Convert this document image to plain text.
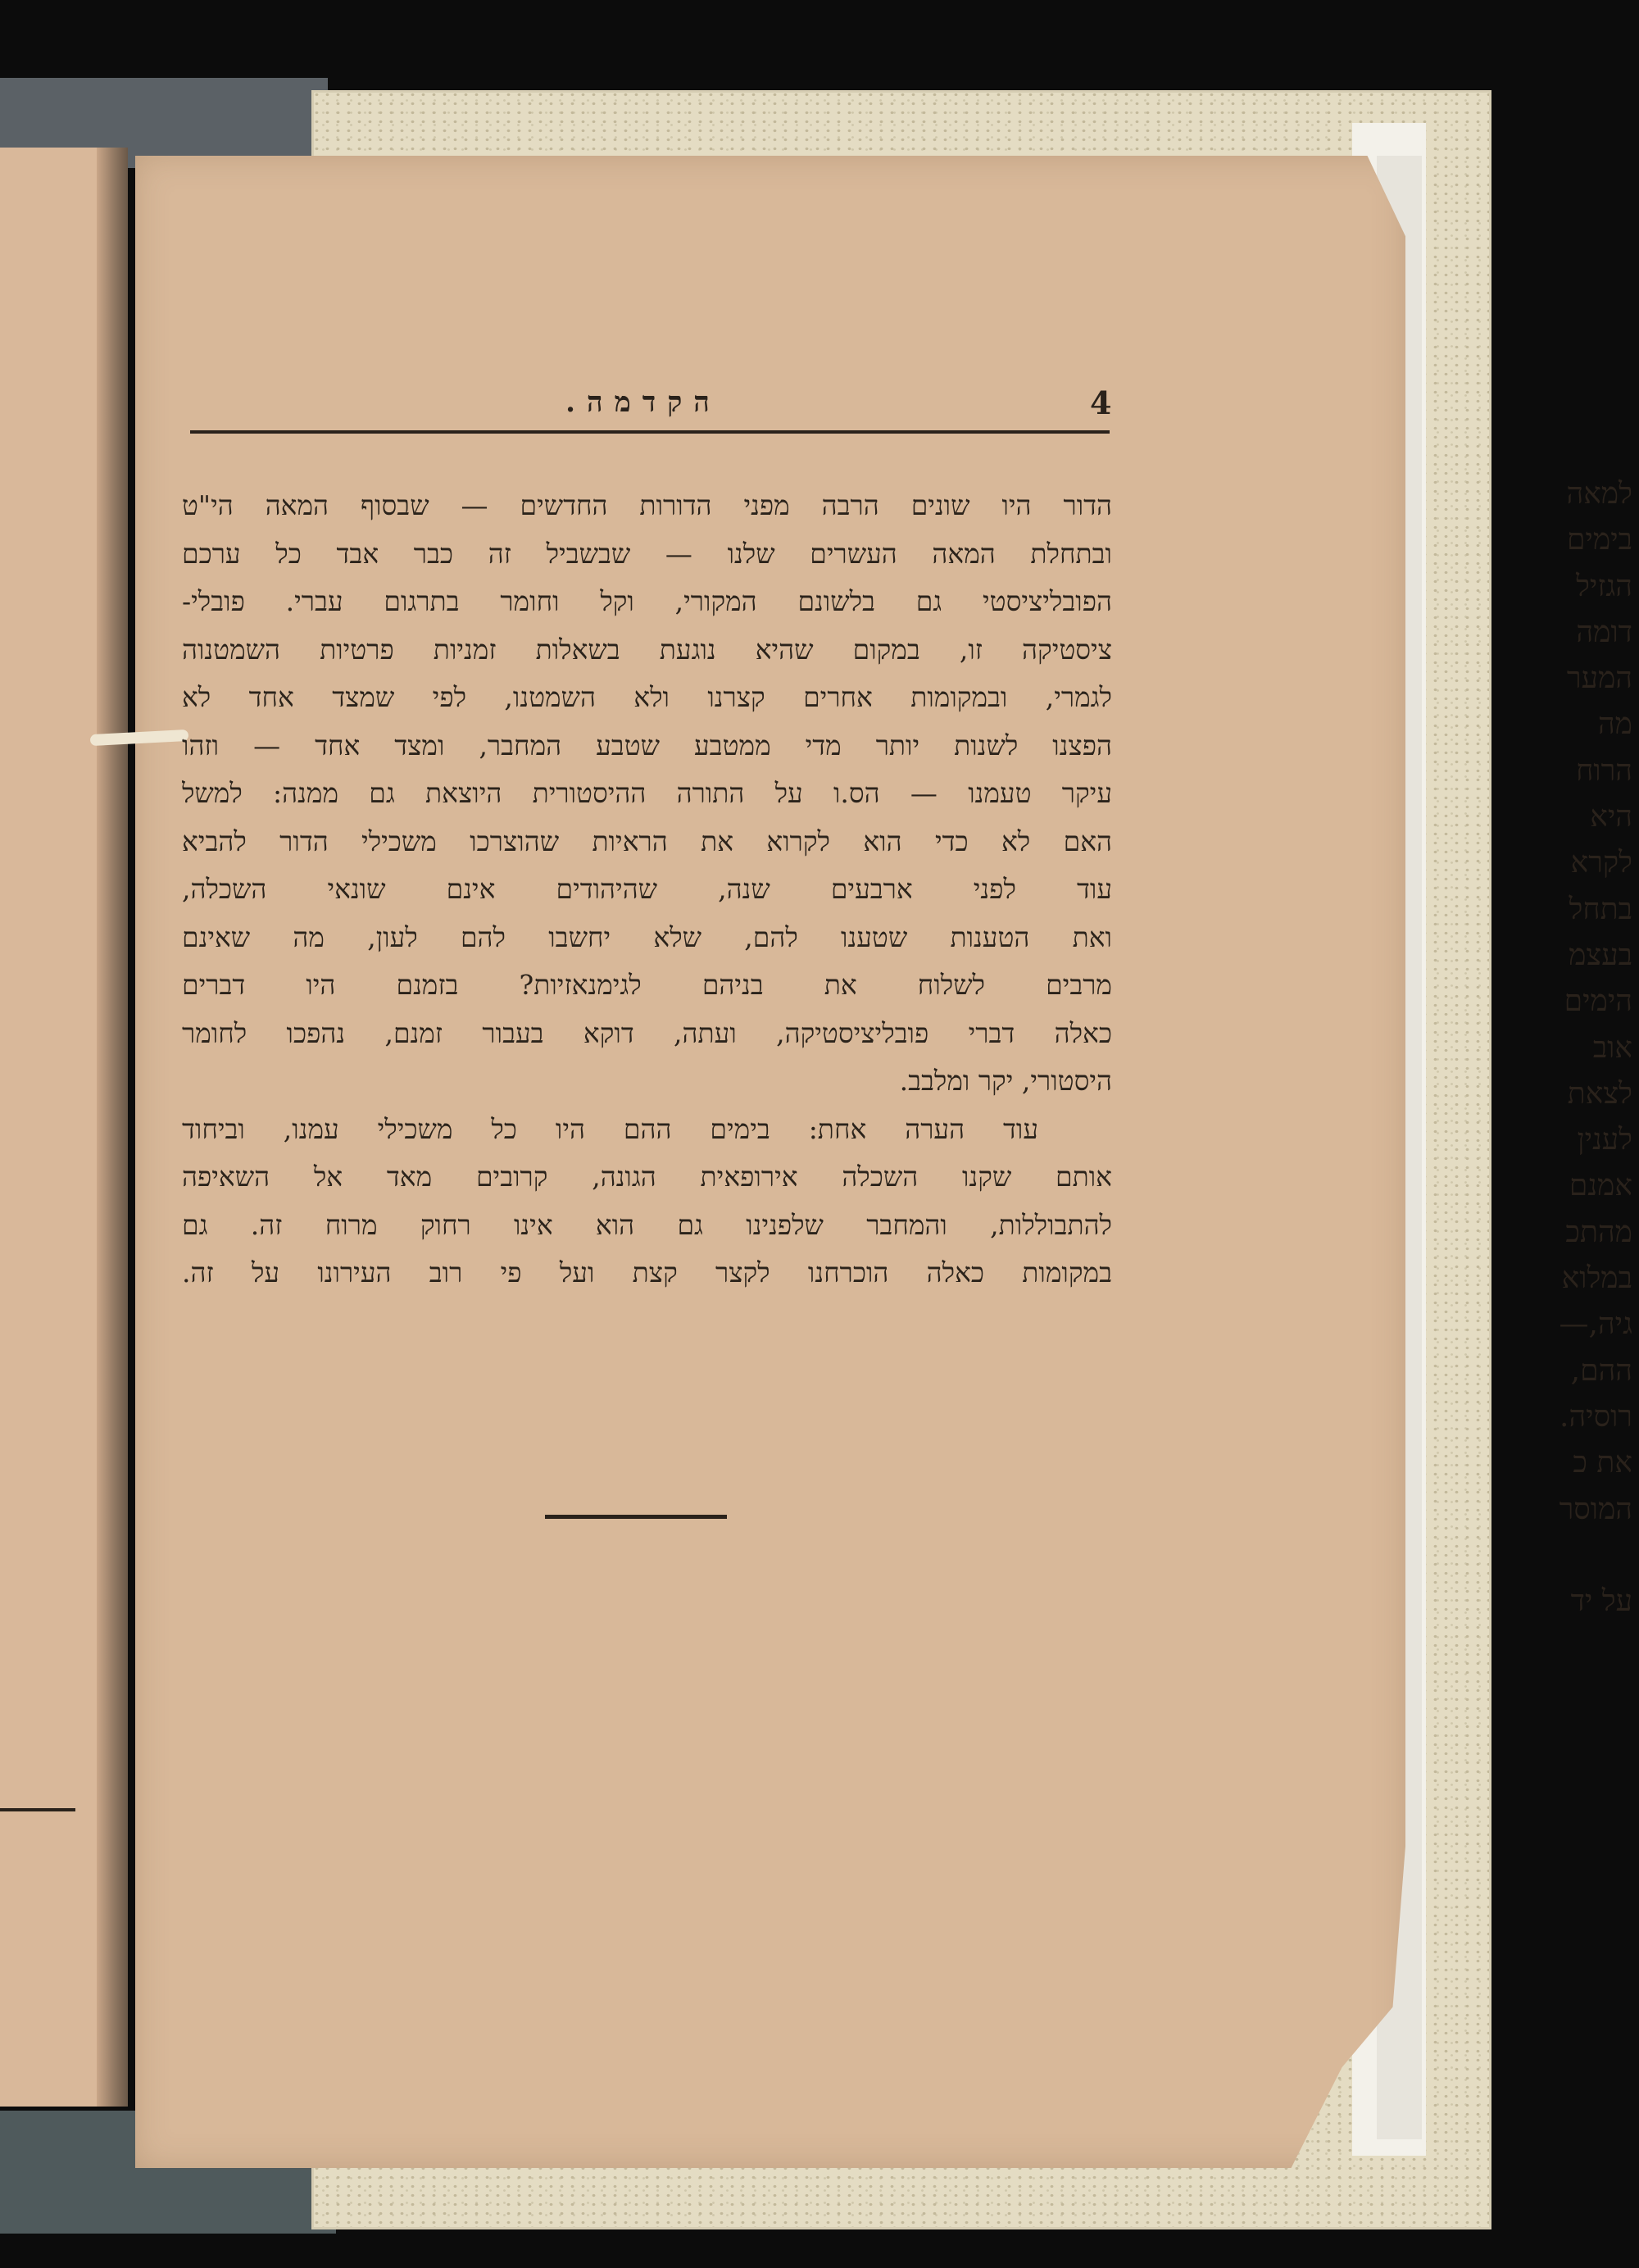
למאה
בימים
הגזיל
דומה
המער
מה
הרוח
היא
לקרא
בתחל
בעצמ
הימים
אוב
לצאת
לענין
אמנם
מהתכ
במלוא
גיה,—
ההם,
רוסיה.
את כ
המוסר
על יד
4
הקדמה.
הדור היו שונים הרבה מפני הדורות החדשים — שבסוף המאה הי"ט
ובתחלת המאה העשרים שלנו — שבשביל זה כבר אבד כל ערכם
הפובליציסטי גם בלשונם המקורי, וקל וחומר בתרגום עברי. פובלי-
ציסטיקה זו, במקום שהיא נוגעת בשאלות זמניות פרטיות השמטנוה
לגמרי, ובמקומות אחרים קצרנו ולא השמטנו, לפי שמצד אחד לא
הפצנו לשנות יותר מדי ממטבע שטבע המחבר, ומצד אחד — וזהו
עיקר טעמנו — הס.ו על התורה ההיסטורית היוצאת גם ממנה: למשל
האם לא כדי הוא לקרוא את הראיות שהוצרכו משכילי הדור להביא
עוד לפני ארבעים שנה, שהיהודים אינם שונאי השכלה,
ואת הטענות שטענו להם, שלא יחשבו להם לעון, מה שאינם
מרבים לשלוח את בניהם לגימנאזיות? בזמנם היו דברים
כאלה דברי פובליציסטיקה, ועתה, דוקא בעבור זמנם, נהפכו לחומר
היסטורי, יקר ומלבב.
עוד הערה אחת: בימים ההם היו כל משכילי עמנו, וביחוד
אותם שקנו השכלה אירופאית הגונה, קרובים מאד אל השאיפה
להתבוללות, והמחבר שלפנינו גם הוא אינו רחוק מרוח זה. גם
במקומות כאלה הוכרחנו לקצר קצת ועל פי רוב העירונו על זה.
